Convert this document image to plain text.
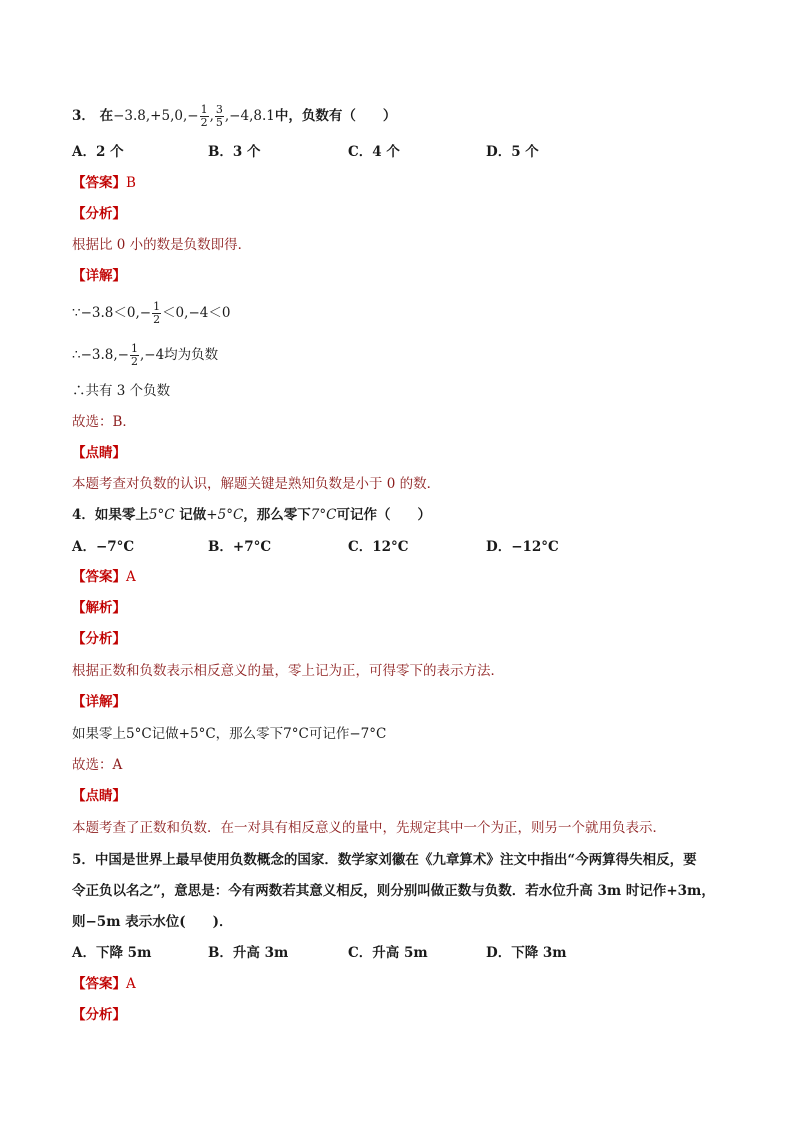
3． 在$-3.8,+5,0,- \frac{1}{2}$ , $\frac{3}{5} ,-4,8.1$中，负数有（　　）
A．2 个	B．3 个	C．4 个	D．5 个
【答案】B
【分析】
根据比 0 小的数是负数即得．
【详解】
∵−3.8＜0,− $\frac{1}{2} <0,-4<0$
∴−3.8,− $\frac{1}{2} ,-4$均为负数
∴共有 3 个负数
故选：B．
【点睛】
本题考查对负数的认识，解题关键是熟知负数是小于 0 的数．
4．如果零上5°C 记做+5°C，那么零下7°C可记作（　　）
A．−7°C	B．+7°C	C．12°C	D．−12°C
【答案】A
【解析】
【分析】
根据正数和负数表示相反意义的量，零上记为正，可得零下的表示方法．
【详解】
如果零上5°C记做+5°C，那么零下7°C可记作−7°C
故选：A
【点睛】
本题考查了正数和负数．在一对具有相反意义的量中，先规定其中一个为正，则另一个就用负表示．
5．中国是世界上最早使用负数概念的国家．数学家刘徽在《九章算术》注文中指出“今两算得失相反，要
令正负以名之”，意思是：今有两数若其意义相反，则分别叫做正数与负数．若水位升高 3m 时记作+3m，
则−5m 表示水位(　　)．
A．下降 5m	B．升高 3m	C．升高 5m	D．下降 3m
【答案】A
【分析】
